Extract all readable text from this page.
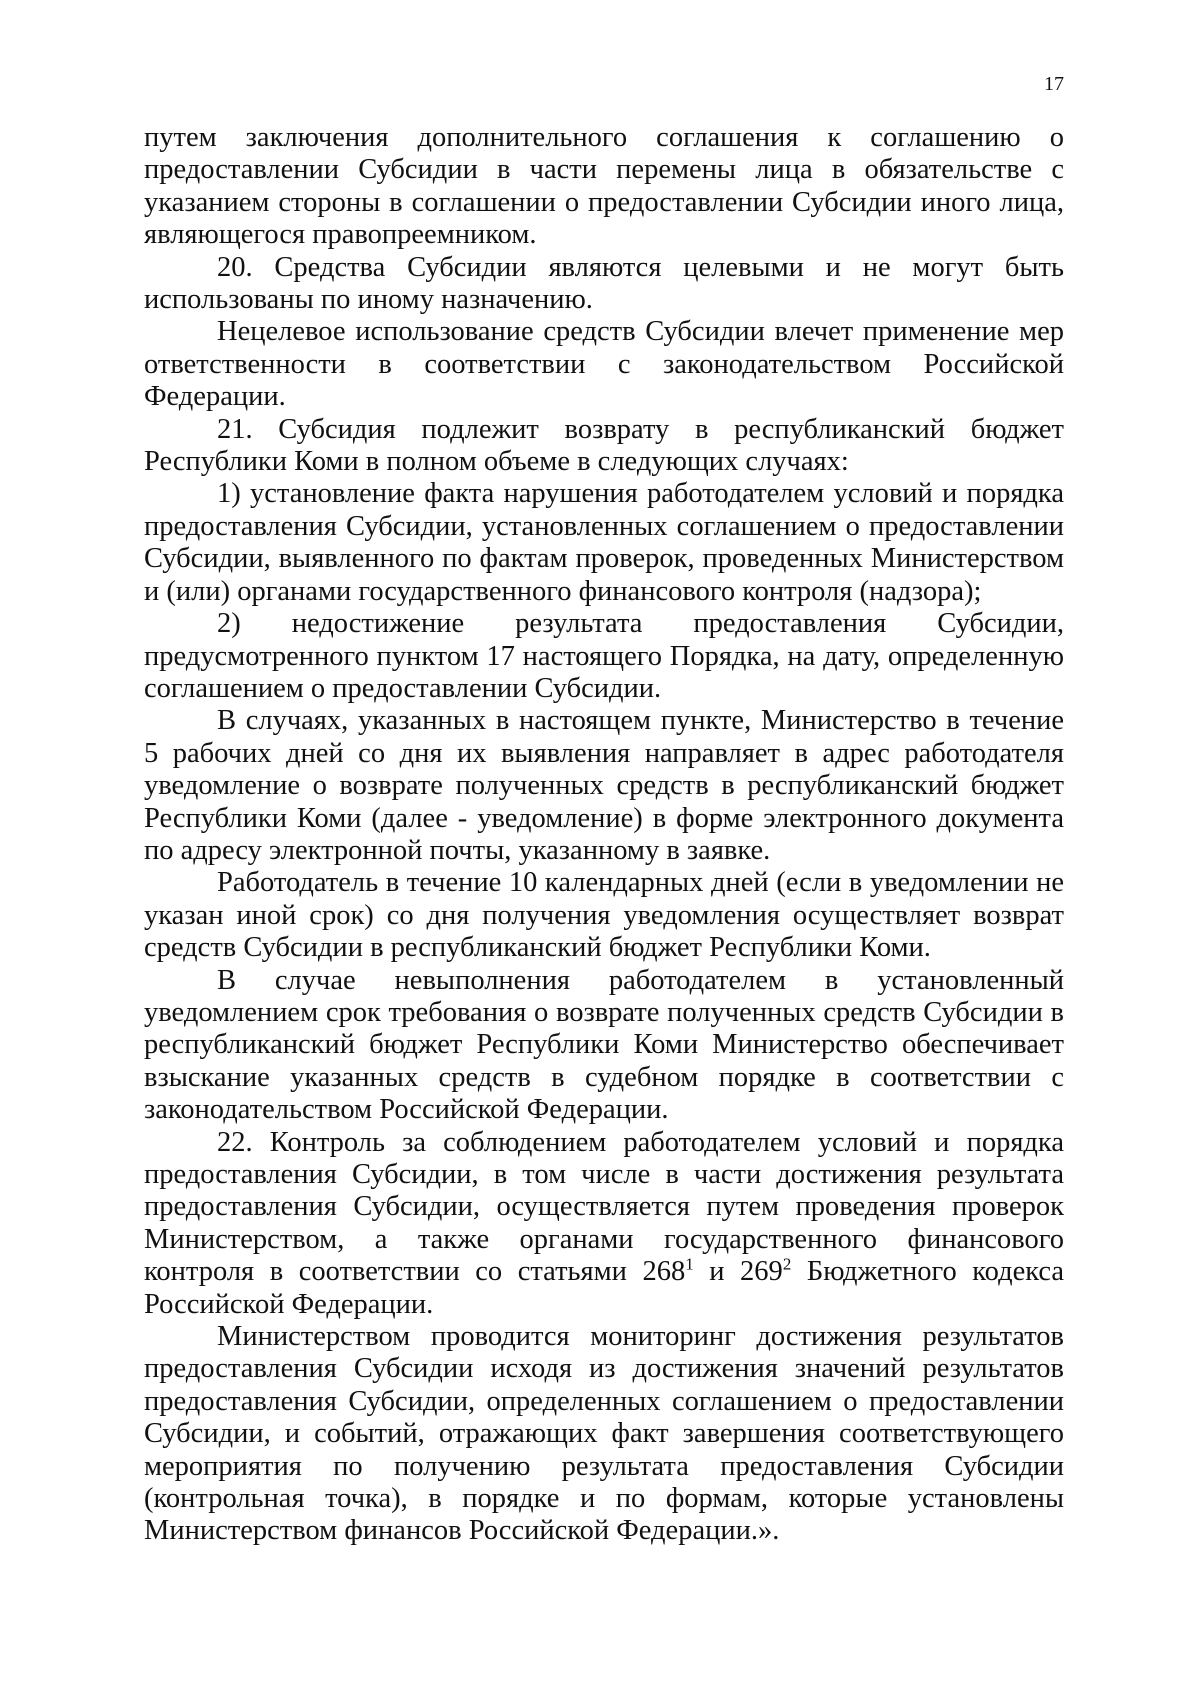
17

путем заключения дополнительного соглашения к соглашению о предоставлении Субсидии в части перемены лица в обязательстве с указанием стороны в соглашении о предоставлении Субсидии иного лица, являющегося правопреемником.

20. Средства Субсидии являются целевыми и не могут быть использованы по иному назначению.

Нецелевое использование средств Субсидии влечет применение мер ответственности в соответствии с законодательством Российской Федерации.

21. Субсидия подлежит возврату в республиканский бюджет Республики Коми в полном объеме в следующих случаях:

1) установление факта нарушения работодателем условий и порядка предоставления Субсидии, установленных соглашением о предоставлении Субсидии, выявленного по фактам проверок, проведенных Министерством и (или) органами государственного финансового контроля (надзора);

2) недостижение результата предоставления Субсидии, предусмотренного пунктом 17 настоящего Порядка, на дату, определенную соглашением о предоставлении Субсидии.

В случаях, указанных в настоящем пункте, Министерство в течение 5 рабочих дней со дня их выявления направляет в адрес работодателя уведомление о возврате полученных средств в республиканский бюджет Республики Коми (далее - уведомление) в форме электронного документа по адресу электронной почты, указанному в заявке.

Работодатель в течение 10 календарных дней (если в уведомлении не указан иной срок) со дня получения уведомления осуществляет возврат средств Субсидии в республиканский бюджет Республики Коми.

В случае невыполнения работодателем в установленный уведомлением срок требования о возврате полученных средств Субсидии в республиканский бюджет Республики Коми Министерство обеспечивает взыскание указанных средств в судебном порядке в соответствии с законодательством Российской Федерации.

22. Контроль за соблюдением работодателем условий и порядка предоставления Субсидии, в том числе в части достижения результата предоставления Субсидии, осуществляется путем проведения проверок Министерством, а также органами государственного финансового контроля в соответствии со статьями $268^1$ и $269^2$ Бюджетного кодекса Российской Федерации.

Министерством проводится мониторинг достижения результатов предоставления Субсидии исходя из достижения значений результатов предоставления Субсидии, определенных соглашением о предоставлении Субсидии, и событий, отражающих факт завершения соответствующего мероприятия по получению результата предоставления Субсидии (контрольная точка), в порядке и по формам, которые установлены Министерством финансов Российской Федерации.».
